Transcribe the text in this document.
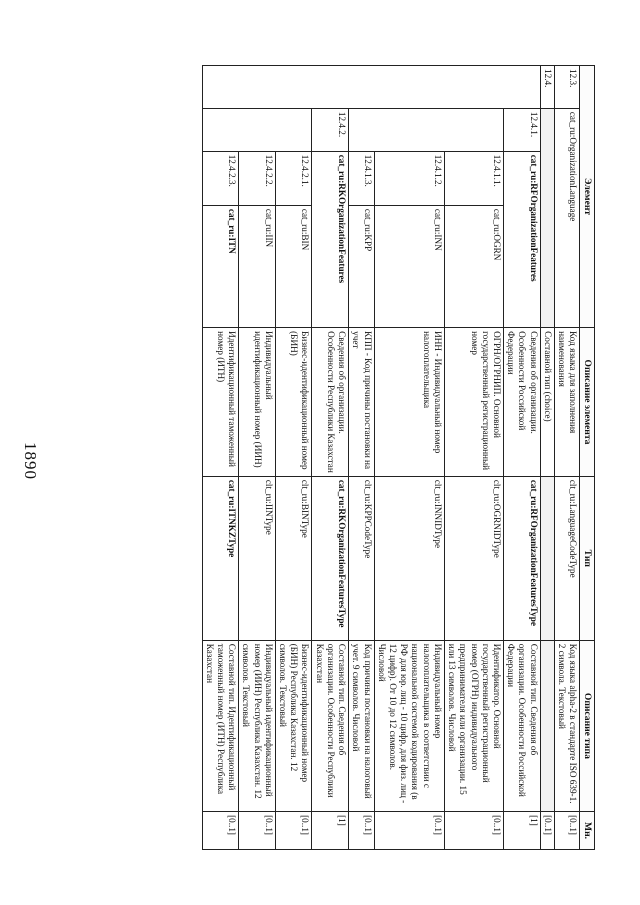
1890
Элемент				Описание элемента	Тип	Описание типа	Мн.
12.3.	cat_ru:OrganizationLanguage			Код языка для заполнения наименования	clt_ru:LanguageCodeType	Код языка alpha-2 в стандарте ISO 639-1. 2 символа. Текстовый	[0..1]
12.4.				Составной тип (choice)			[0..1]
	12.4.1.	cat_ru:RFOrganizationFeatures		Сведения об организации. Особенности Российской Федерации	cat_ru:RFOrganizationFeaturesType	Составной тип. Сведения об организации. Особенности Российской Федерации	[1]
		12.4.1.1.	cat_ru:OGRN	ОГРН/ОГРНИП. Основной государственный регистрационный номер	clt_ru:OGRNIDType	Идентификатор. Основной государственный регистрационный номер (ОГРН) индивидуального предпринимателя или организации. 15 или 13 символов. Числовой	[0..1]
		12.4.1.2.	cat_ru:INN	ИНН - Индивидуальный номер налогоплательщика	clt_ru:INNIDType	Индивидуальный номер налогоплательщика в соответствии с национальной системой кодирования (в РФ для юр. лиц - 10 цифр, для физ. лиц - 12 цифр). От 10 до 12 символов. Числовой	[0..1]
		12.4.1.3.	cat_ru:KPP	КПП - Код причины постановки на учет	clt_ru:KPPCodeType	Код причины постановки на налоговый учет. 9 символов. Числовой	[0..1]
	12.4.2.	cat_ru:RKOrganizationFeatures		Сведения об организации. Особенности Республики Казахстан	cat_ru:RKOrganizationFeaturesType	Составной тип. Сведения об организации. Особенности Республики Казахстан	[1]
		12.4.2.1.	cat_ru:BIN	Бизнес-идентификационный номер (БИН)	clt_ru:BINType	Бизнес-идентификационный номер (БИН) Республика Казахстан. 12 символов. Текстовый	[0..1]
		12.4.2.2.	cat_ru:IIN	Индивидуальный идентификационный номер (ИИН)	clt_ru:IINType	Индивидуальный идентификационный номер (ИИН) Республика Казахстан. 12 символов. Текстовый	[0..1]
		12.4.2.3.	cat_ru:ITN	Идентификационный таможенный номер (ИТН)	cat_ru:ITNKZType	Составной тип. Идентификационный таможенный номер (ИТН) Республика Казахстан	[0..1]
